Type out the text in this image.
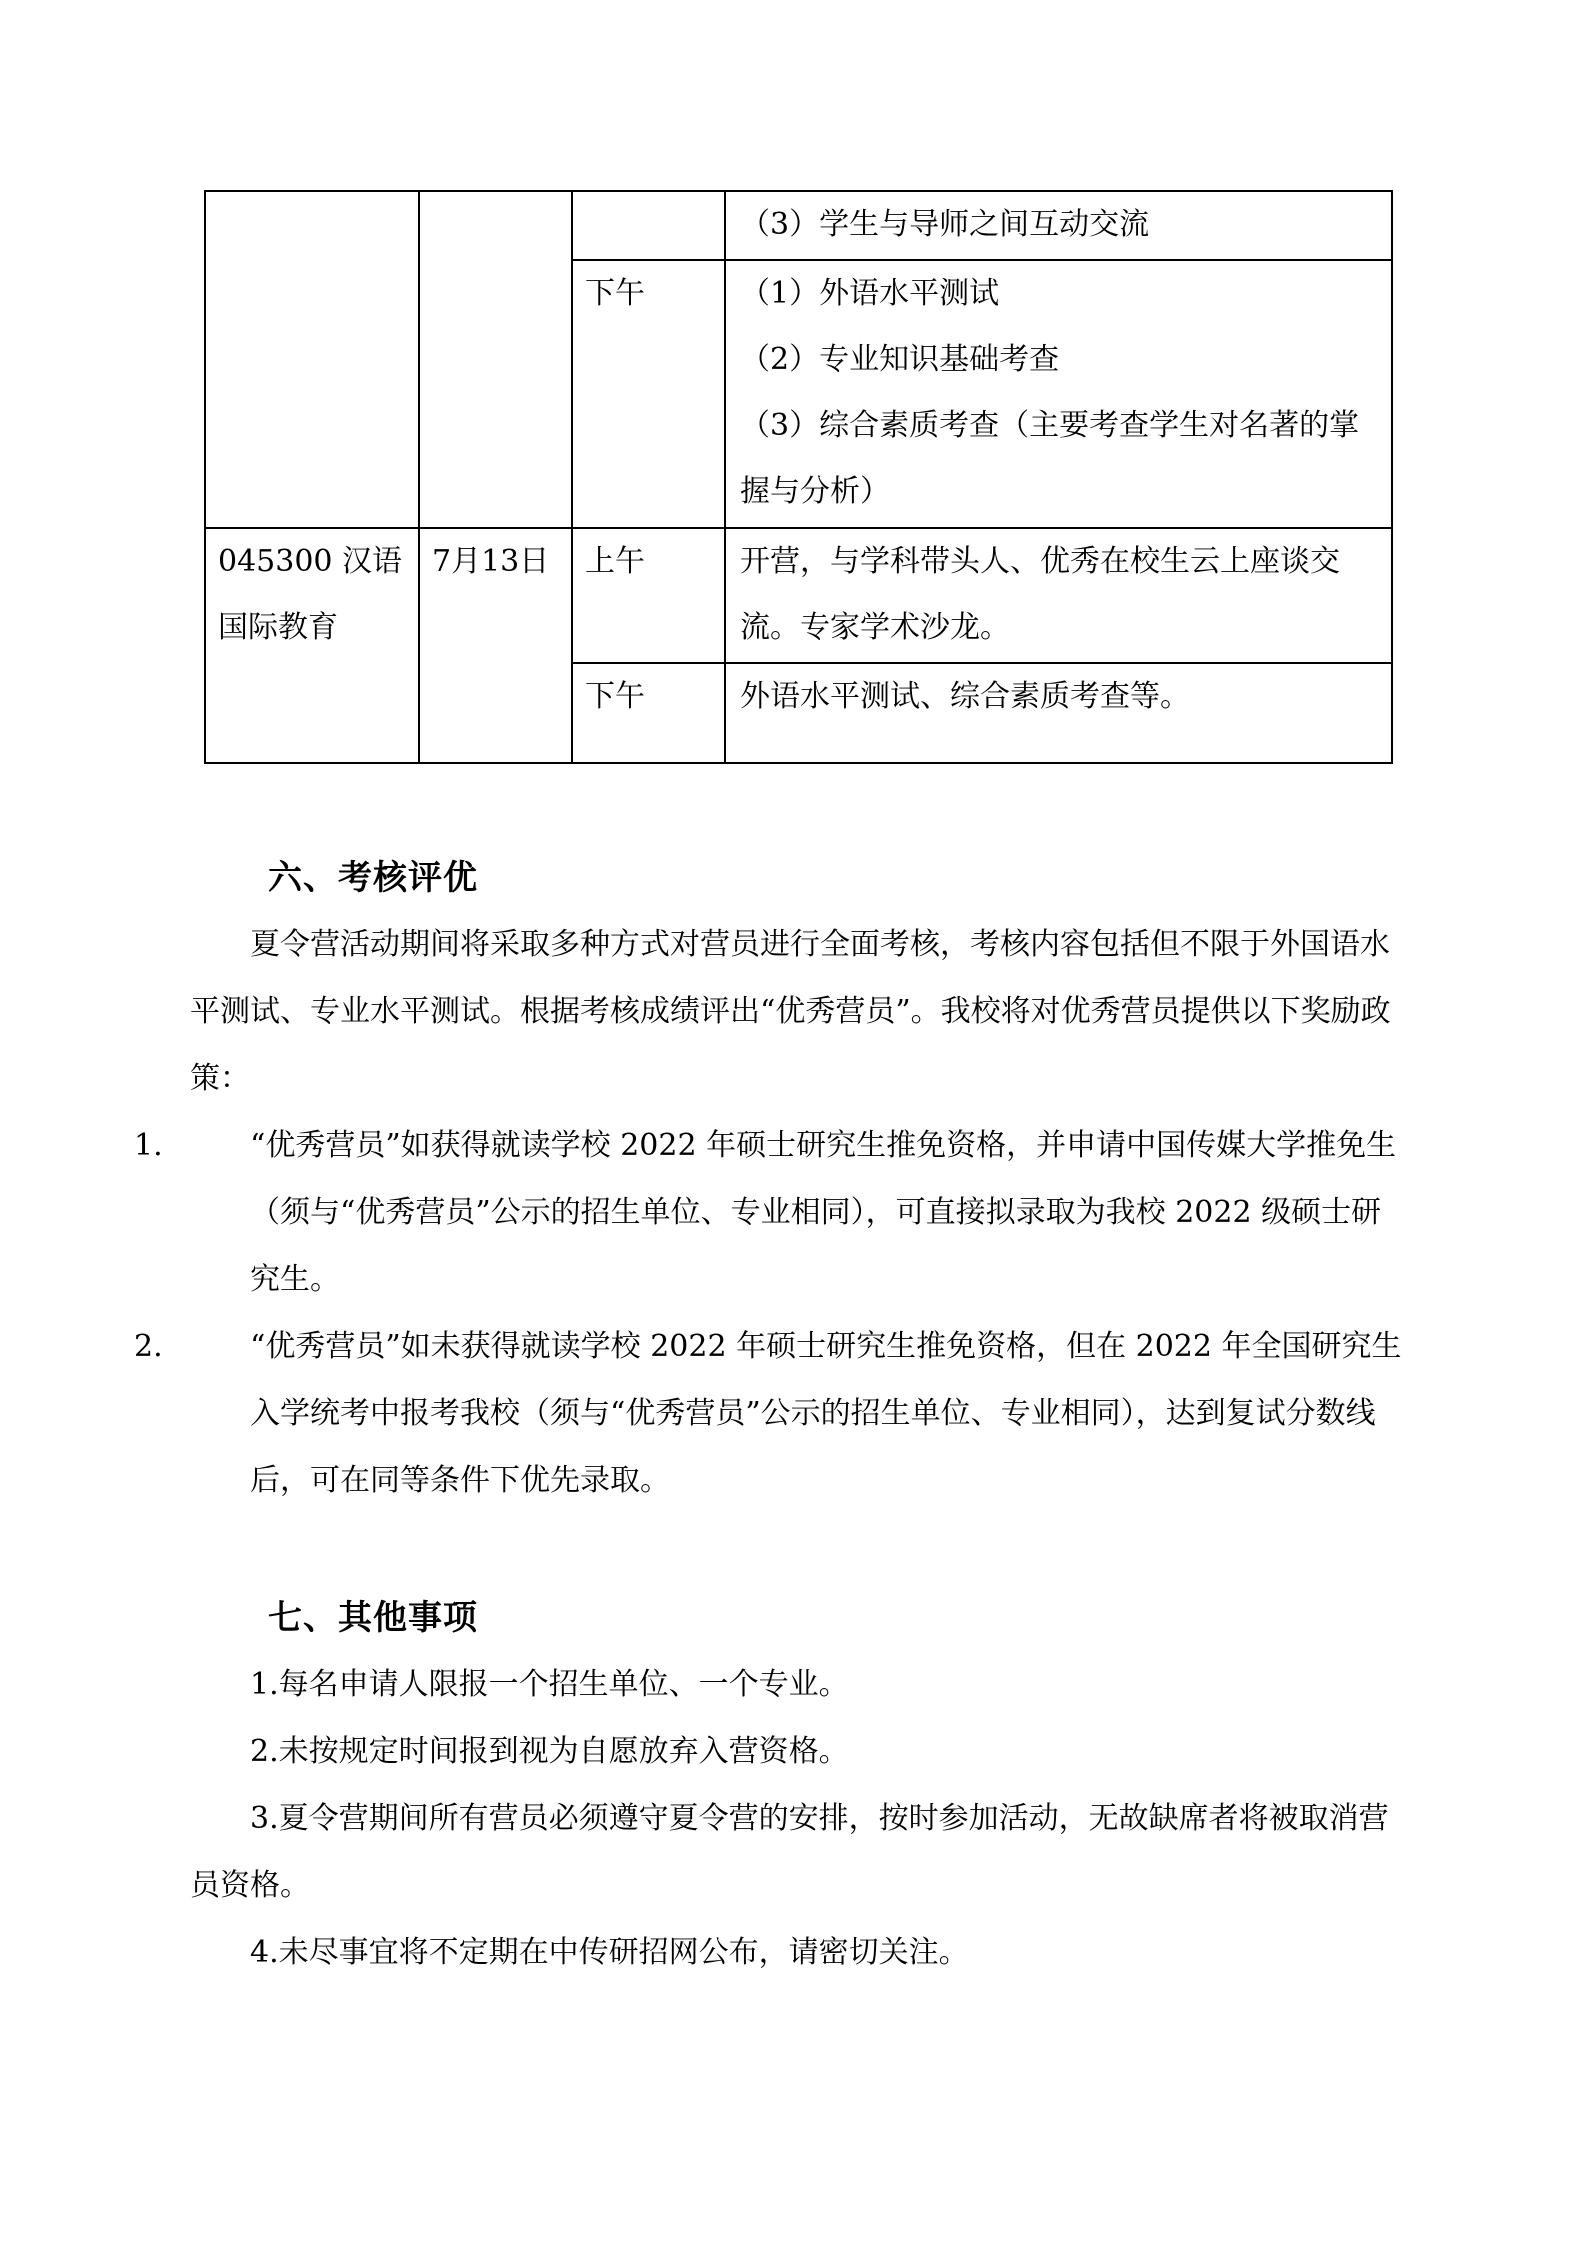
			（3）学生与导师之间互动交流

		下午	（1）外语水平测试
（2）专业知识基础考查
（3）综合素质考查（主要考查学生对名著的掌握与分析）

045300 汉语国际教育	7月13日	上午	开营，与学科带头人、优秀在校生云上座谈交流。专家学术沙龙。

		下午	外语水平测试、综合素质考查等。
六、考核评优

夏令营活动期间将采取多种方式对营员进行全面考核，考核内容包括但不限于外国语水平测试、专业水平测试。根据考核成绩评出“优秀营员”。我校将对优秀营员提供以下奖励政策：

1.	“优秀营员”如获得就读学校 2022 年硕士研究生推免资格，并申请中国传媒大学推免生（须与“优秀营员”公示的招生单位、专业相同），可直接拟录取为我校 2022 级硕士研究生。
2.	“优秀营员”如未获得就读学校 2022 年硕士研究生推免资格，但在 2022 年全国研究生入学统考中报考我校（须与“优秀营员”公示的招生单位、专业相同），达到复试分数线后，可在同等条件下优先录取。
七、其他事项

1.每名申请人限报一个招生单位、一个专业。

2.未按规定时间报到视为自愿放弃入营资格。

3.夏令营期间所有营员必须遵守夏令营的安排，按时参加活动，无故缺席者将被取消营员资格。

4.未尽事宜将不定期在中传研招网公布，请密切关注。
